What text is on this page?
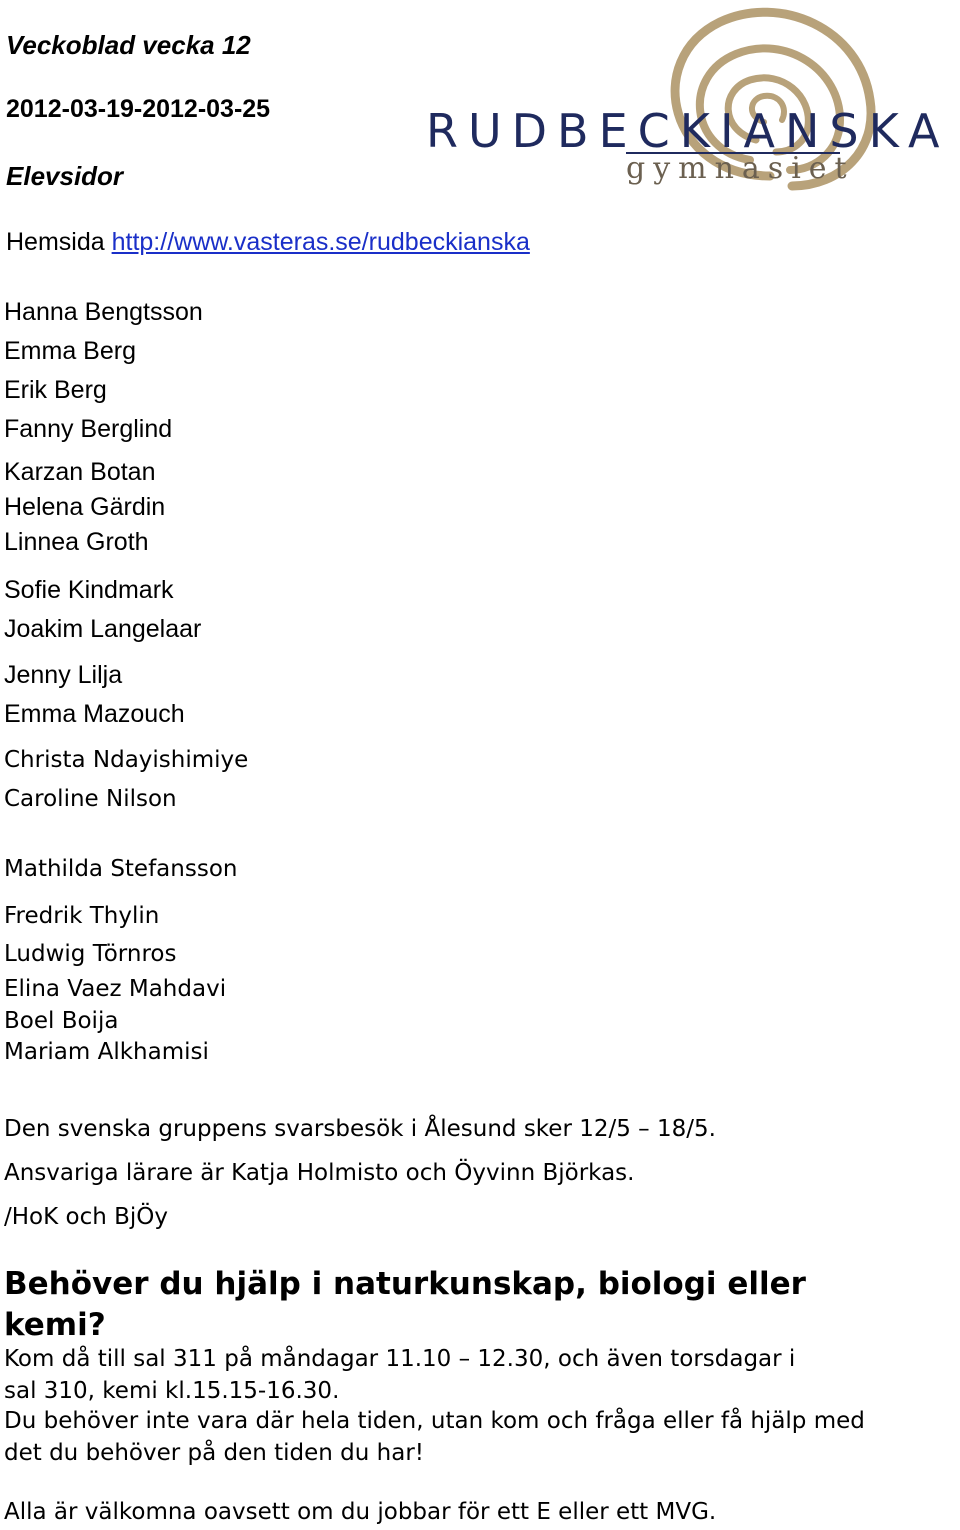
Veckoblad vecka 12
2012-03-19-2012-03-25
Elevsidor
Hemsida http://www.vasteras.se/rudbeckianska
RUDBECKIANSKA
gymnasiet
Hanna Bengtsson
Emma Berg
Erik Berg
Fanny Berglind
Karzan Botan
Helena Gärdin
Linnea Groth
Sofie Kindmark
Joakim Langelaar
Jenny Lilja
Emma Mazouch
Christa Ndayishimiye
Caroline Nilson
Mathilda Stefansson
Fredrik Thylin
Ludwig Törnros
Elina Vaez Mahdavi
Boel Boija
Mariam Alkhamisi
Den svenska gruppens svarsbesök i Ålesund sker 12/5 – 18/5.
Ansvariga lärare är Katja Holmisto och Öyvinn Björkas.
/HoK och BjÖy
Behöver du hjälp i naturkunskap, biologi eller
kemi?
Kom då till sal 311 på måndagar 11.10 – 12.30, och även torsdagar i
sal 310, kemi kl.15.15-16.30.
Du behöver inte vara där hela tiden, utan kom och fråga eller få hjälp med
det du behöver på den tiden du har!
Alla är välkomna oavsett om du jobbar för ett E eller ett MVG.
